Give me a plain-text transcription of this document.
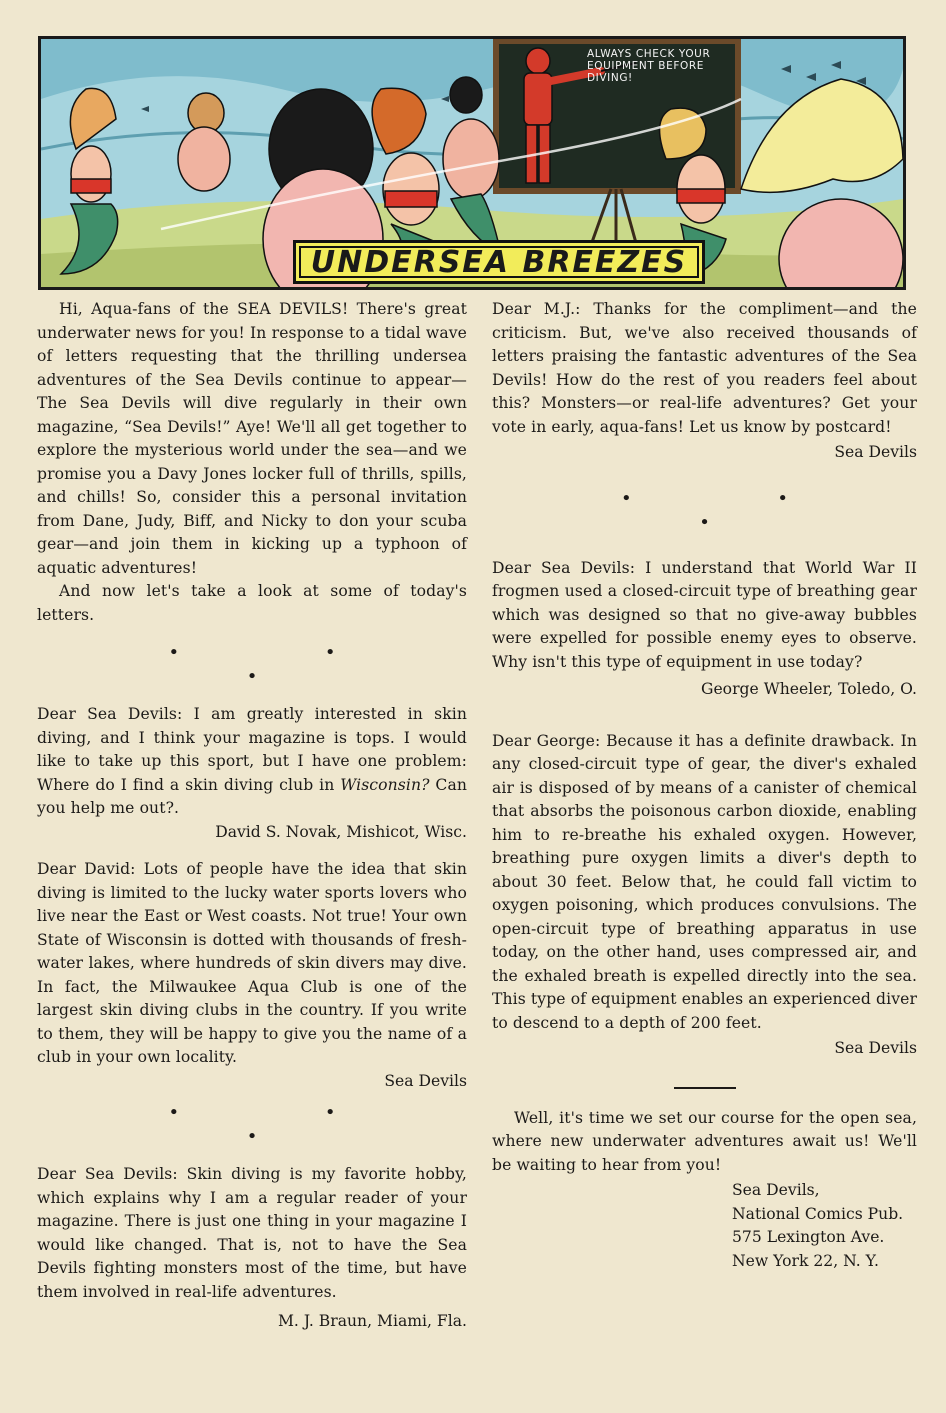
ALWAYS CHECK YOUR
EQUIPMENT BEFORE
DIVING!
UNDERSEA BREEZES

Hi, Aqua-fans of the SEA DEVILS! There's great underwater news for you! In response to a tidal wave of letters requesting that the thrilling undersea adventures of the Sea Devils continue to appear—The Sea Devils will dive regularly in their own magazine, “Sea Devils!” Aye! We'll all get together to explore the mysterious world under the sea—and we promise you a Davy Jones locker full of thrills, spills, and chills! So, consider this a personal invitation from Dane, Judy, Biff, and Nicky to don your scuba gear—and join them in kicking up a typhoon of aquatic adventures!

And now let's take a look at some of today's letters.

• • •

Dear Sea Devils: I am greatly interested in skin diving, and I think your magazine is tops. I would like to take up this sport, but I have one problem: Where do I find a skin diving club in Wisconsin? Can you help me out?.

David S. Novak, Mishicot, Wisc.

Dear David: Lots of people have the idea that skin diving is limited to the lucky water sports lovers who live near the East or West coasts. Not true! Your own State of Wisconsin is dotted with thousands of fresh-water lakes, where hundreds of skin divers may dive. In fact, the Milwaukee Aqua Club is one of the largest skin diving clubs in the country. If you write to them, they will be happy to give you the name of a club in your own locality.

Sea Devils

• • •

Dear Sea Devils: Skin diving is my favorite hobby, which explains why I am a regular reader of your magazine. There is just one thing in your magazine I would like changed. That is, not to have the Sea Devils fighting monsters most of the time, but have them involved in real-life adventures.

M. J. Braun, Miami, Fla.

Dear M.J.: Thanks for the compliment—and the criticism. But, we've also received thousands of letters praising the fantastic adventures of the Sea Devils! How do the rest of you readers feel about this? Monsters—or real-life adventures? Get your vote in early, aqua-fans! Let us know by postcard!

Sea Devils

• • •

Dear Sea Devils: I understand that World War II frogmen used a closed-circuit type of breathing gear which was designed so that no give-away bubbles were expelled for possible enemy eyes to observe. Why isn't this type of equipment in use today?

George Wheeler, Toledo, O.

Dear George: Because it has a definite drawback. In any closed-circuit type of gear, the diver's exhaled air is disposed of by means of a canister of chemical that absorbs the poisonous carbon dioxide, enabling him to re-breathe his exhaled oxygen. However, breathing pure oxygen limits a diver's depth to about 30 feet. Below that, he could fall victim to oxygen poisoning, which produces convulsions. The open-circuit type of breathing apparatus in use today, on the other hand, uses compressed air, and the exhaled breath is expelled directly into the sea. This type of equipment enables an experienced diver to descend to a depth of 200 feet.

Sea Devils

Well, it's time we set our course for the open sea, where new underwater adventures await us! We'll be waiting to hear from you!

Sea Devils,

National Comics Pub.

575 Lexington Ave.

New York 22, N. Y.
